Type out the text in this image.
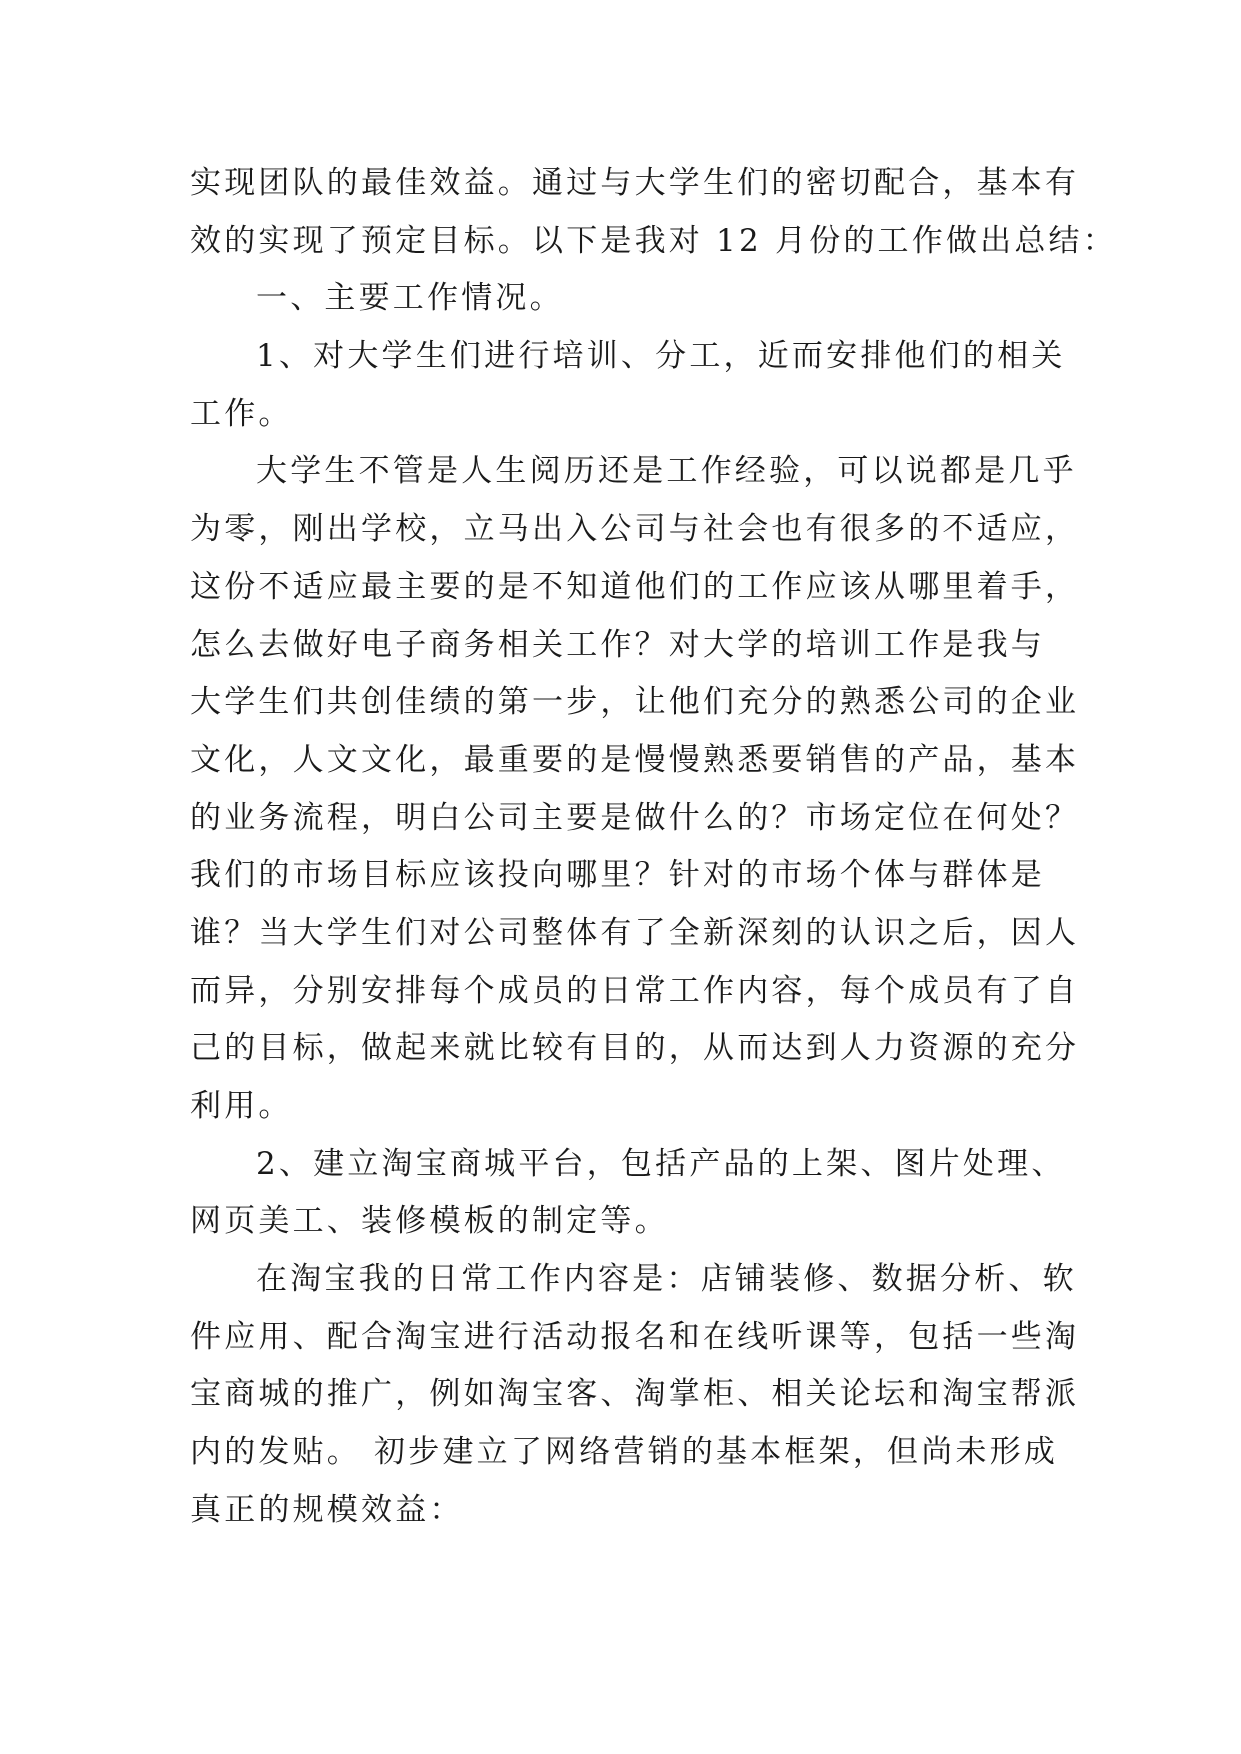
实现团队的最佳效益。通过与大学生们的密切配合，基本有
效的实现了预定目标。以下是我对 12 月份的工作做出总结：
一、主要工作情况。
1、对大学生们进行培训、分工，近而安排他们的相关
工作。
大学生不管是人生阅历还是工作经验，可以说都是几乎
为零，刚出学校，立马出入公司与社会也有很多的不适应，
这份不适应最主要的是不知道他们的工作应该从哪里着手，
怎么去做好电子商务相关工作？对大学的培训工作是我与
大学生们共创佳绩的第一步，让他们充分的熟悉公司的企业
文化，人文文化，最重要的是慢慢熟悉要销售的产品，基本
的业务流程，明白公司主要是做什么的？市场定位在何处？
我们的市场目标应该投向哪里？针对的市场个体与群体是
谁？当大学生们对公司整体有了全新深刻的认识之后，因人
而异，分别安排每个成员的日常工作内容，每个成员有了自
己的目标，做起来就比较有目的，从而达到人力资源的充分
利用。
2、建立淘宝商城平台，包括产品的上架、图片处理、
网页美工、装修模板的制定等。
在淘宝我的日常工作内容是：店铺装修、数据分析、软
件应用、配合淘宝进行活动报名和在线听课等，包括一些淘
宝商城的推广，例如淘宝客、淘掌柜、相关论坛和淘宝帮派
内的发贴。 初步建立了网络营销的基本框架，但尚未形成
真正的规模效益：
